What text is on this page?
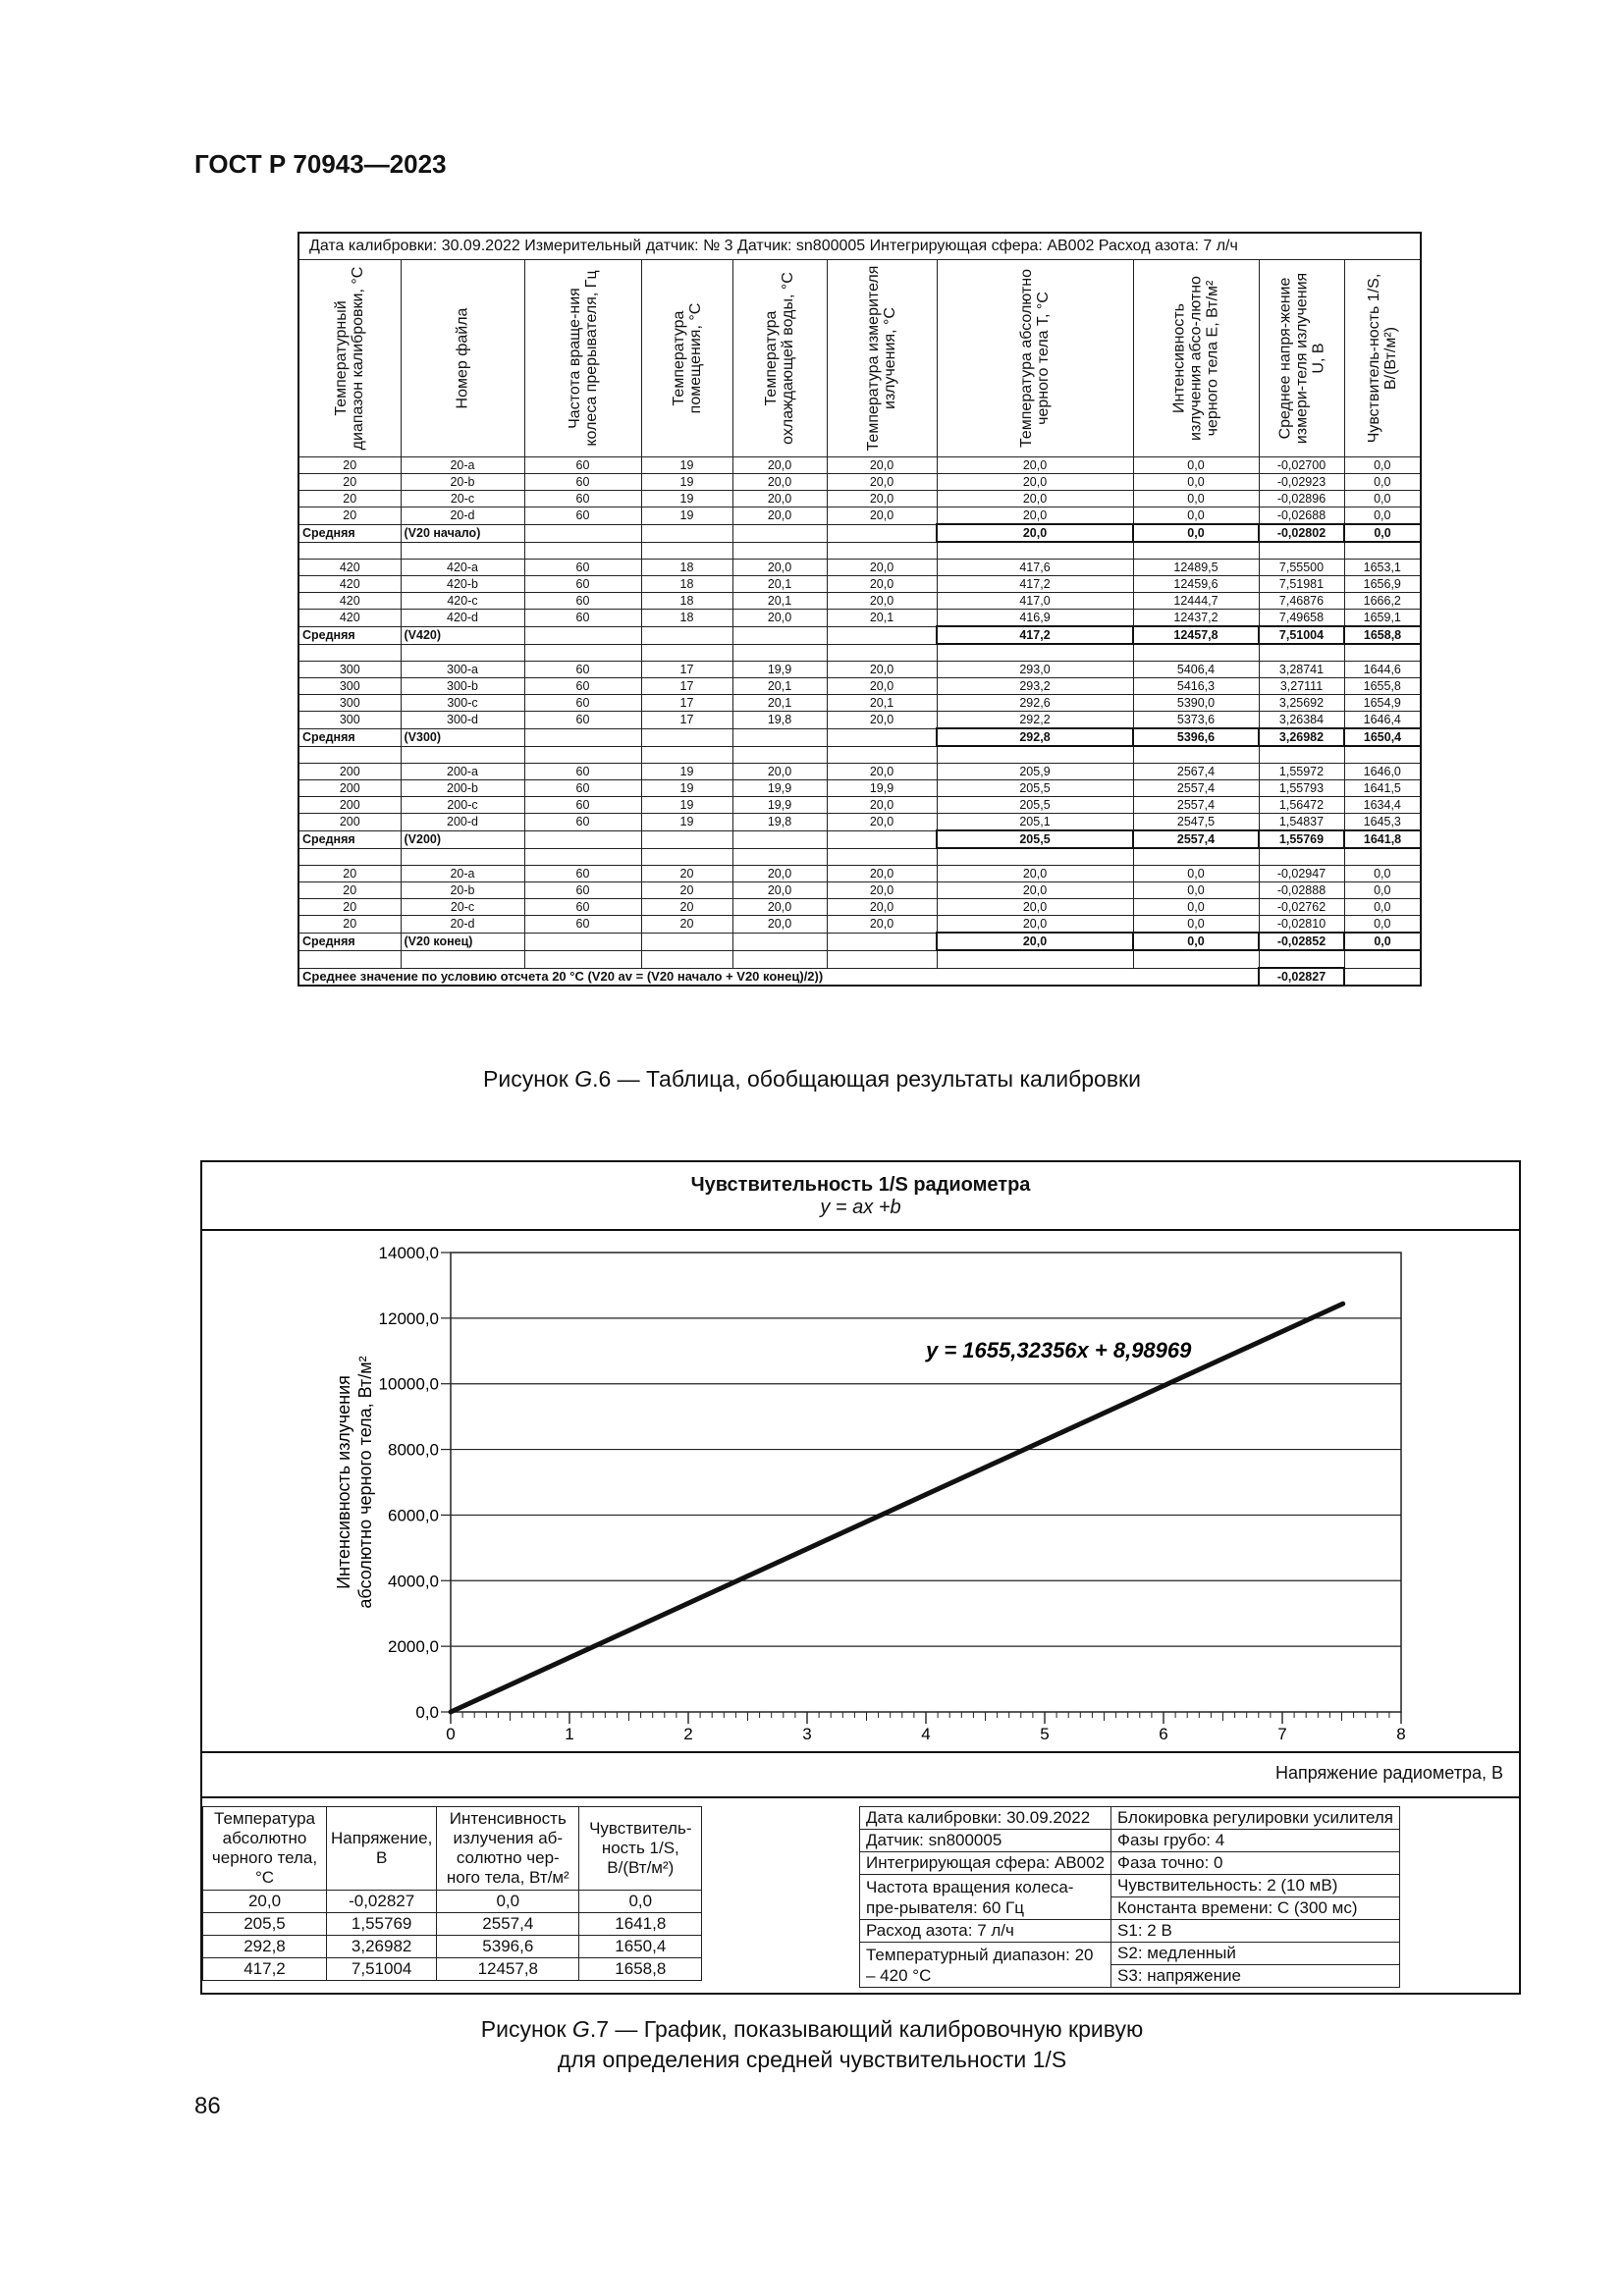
ГОСТ Р 70943—2023
Дата калибровки: 30.09.2022 Измерительный датчик: № 3 Датчик: sn800005 Интегрирующая сфера: AB002 Расход азота: 7 л/ч									

Температурный диапазон калибровки, °С	Номер файла	Частота враще-ния колеса прерывателя, Гц	Температура помещения, °С	Температура охлаждающей воды, °С	Температура измерителя излучения, °С	Температура абсолютно черного тела T, °С	Интенсивность излучения абсо-лютно черного тела E, Вт/м²	Среднее напря-жение измери-теля излучения U, В	Чувствитель-ность 1/S, В/(Вт/м²)

20	20-a	60	19	20,0	20,0	20,0	0,0	-0,02700	0,0
20	20-b	60	19	20,0	20,0	20,0	0,0	-0,02923	0,0
20	20-c	60	19	20,0	20,0	20,0	0,0	-0,02896	0,0
20	20-d	60	19	20,0	20,0	20,0	0,0	-0,02688	0,0
Средняя	(V20 начало)					20,0	0,0	-0,02802	0,0

420	420-a	60	18	20,0	20,0	417,6	12489,5	7,55500	1653,1
420	420-b	60	18	20,1	20,0	417,2	12459,6	7,51981	1656,9
420	420-c	60	18	20,1	20,0	417,0	12444,7	7,46876	1666,2
420	420-d	60	18	20,0	20,1	416,9	12437,2	7,49658	1659,1
Средняя	(V420)					417,2	12457,8	7,51004	1658,8

300	300-a	60	17	19,9	20,0	293,0	5406,4	3,28741	1644,6
300	300-b	60	17	20,1	20,0	293,2	5416,3	3,27111	1655,8
300	300-c	60	17	20,1	20,1	292,6	5390,0	3,25692	1654,9
300	300-d	60	17	19,8	20,0	292,2	5373,6	3,26384	1646,4
Средняя	(V300)					292,8	5396,6	3,26982	1650,4

200	200-a	60	19	20,0	20,0	205,9	2567,4	1,55972	1646,0
200	200-b	60	19	19,9	19,9	205,5	2557,4	1,55793	1641,5
200	200-c	60	19	19,9	20,0	205,5	2557,4	1,56472	1634,4
200	200-d	60	19	19,8	20,0	205,1	2547,5	1,54837	1645,3
Средняя	(V200)					205,5	2557,4	1,55769	1641,8

20	20-a	60	20	20,0	20,0	20,0	0,0	-0,02947	0,0
20	20-b	60	20	20,0	20,0	20,0	0,0	-0,02888	0,0
20	20-c	60	20	20,0	20,0	20,0	0,0	-0,02762	0,0
20	20-d	60	20	20,0	20,0	20,0	0,0	-0,02810	0,0
Средняя	(V20 конец)					20,0	0,0	-0,02852	0,0

Среднее значение по условию отсчета 20 °С (V20 av = (V20 начало + V20 конец)/2))								-0,02827	
Рисунок G.6 — Таблица, обобщающая результаты калибровки
Чувствительность 1/S радиометра
y = ax +b
0,0
2000,0
4000,0
6000,0
8000,0
10000,0
12000,0
14000,0
0	1	2	3	4	5	6	7	8
Интенсивность излучения абсолютно черного тела, Вт/м²
y = 1655,32356x + 8,98969
Напряжение радиометра, В
Температура абсолютно черного тела, °С	Напряжение, В	Интенсивность излучения аб-солютно чер-ного тела, Вт/м²	Чувствитель-ность 1/S, В/(Вт/м²)
20,0	-0,02827	0,0	0,0
205,5	1,55769	2557,4	1641,8
292,8	3,26982	5396,6	1650,4
417,2	7,51004	12457,8	1658,8
Дата калибровки: 30.09.2022	Блокировка регулировки усилителя
Датчик: sn800005	Фазы грубо: 4
Интегрирующая сфера: AB002	Фаза точно: 0
Частота вращения колеса- пре-рывателя: 60 Гц	Чувствительность: 2 (10 мВ)
	Константа времени: С (300 мс)
Расход азота: 7 л/ч	S1: 2 В
Температурный диапазон: 20 – 420 °С	S2: медленный
	S3: напряжение
Рисунок G.7 — График, показывающий калибровочную кривую
для определения средней чувствительности 1/S
86
